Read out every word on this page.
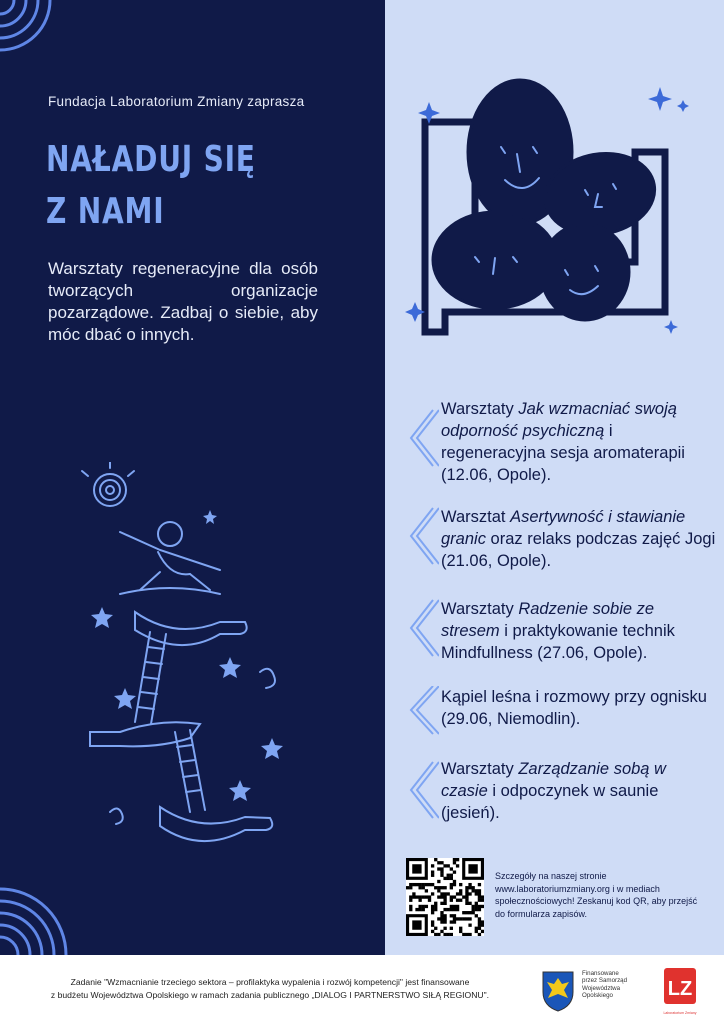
Fundacja Laboratorium Zmiany zaprasza
NAŁADUJ SIĘ
Z NAMI
Warsztaty regeneracyjne dla osób tworzących organizacje pozarządowe. Zadbaj o siebie, aby móc dbać o innych.
Warsztaty Jak wzmacniać swoją odporność psychiczną i regeneracyjna sesja aromaterapii (12.06, Opole).
Warsztat Asertywność i stawianie granic oraz relaks podczas zajęć Jogi (21.06, Opole).
Warsztaty Radzenie sobie ze stresem i praktykowanie technik Mindfullness (27.06, Opole).
Kąpiel leśna i rozmowy przy ognisku (29.06, Niemodlin).
Warsztaty Zarządzanie sobą w czasie i odpoczynek w saunie (jesień).
Szczegóły na naszej stronie www.laboratoriumzmiany.org i w mediach społecznościowych! Zeskanuj kod QR, aby przejść do formularza zapisów.
Zadanie "Wzmacnianie trzeciego sektora – profilaktyka wypalenia i rozwój kompetencji" jest finansowane
z budżetu Województwa Opolskiego w ramach zadania publicznego „DIALOG I PARTNERSTWO SIŁĄ REGIONU".
Finansowane
przez Samorząd
Województwa
Opolskiego	LZ
Laboratorium Zmiany
